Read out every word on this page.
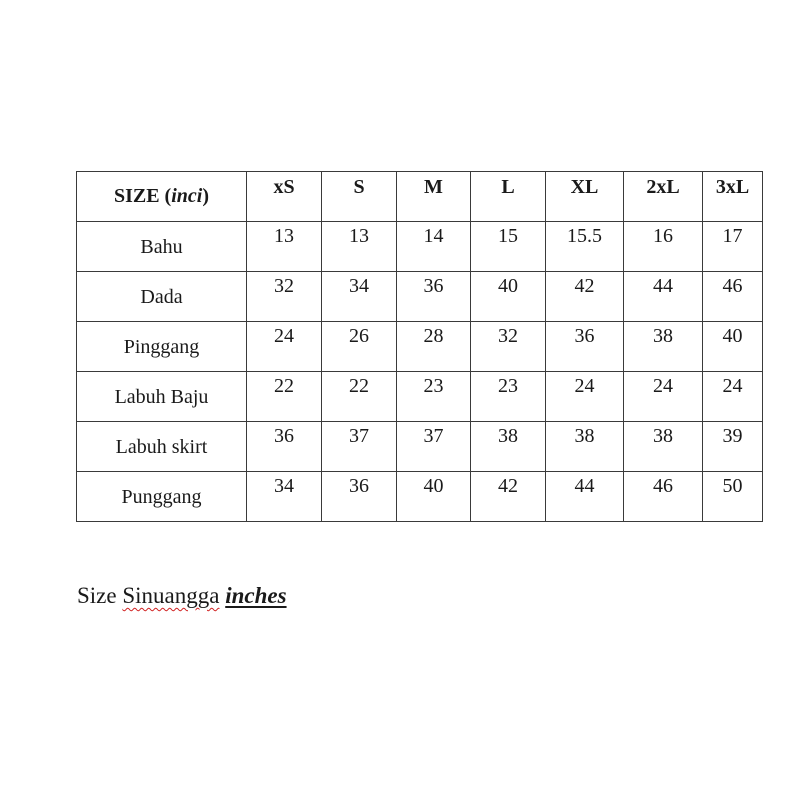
SIZE (inci)	xS	S	M	L	XL	2xL	3xL
Bahu	13	13	14	15	15.5	16	17
Dada	32	34	36	40	42	44	46
Pinggang	24	26	28	32	36	38	40
Labuh Baju	22	22	23	23	24	24	24
Labuh skirt	36	37	37	38	38	38	39
Punggang	34	36	40	42	44	46	50
Size Sinuangga inches
